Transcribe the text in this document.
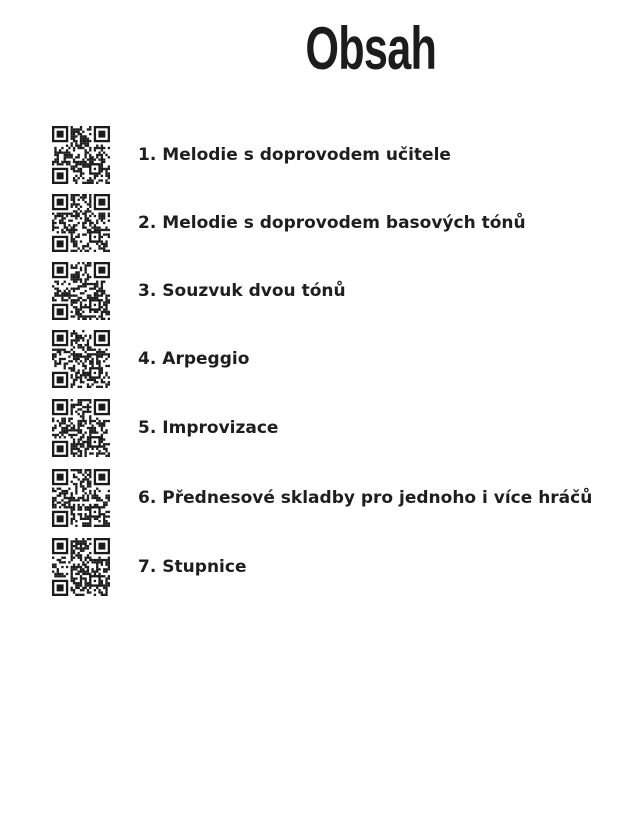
Obsah
1. Melodie s doprovodem učitele
2. Melodie s doprovodem basových tónů
3. Souzvuk dvou tónů
4. Arpeggio
5. Improvizace
6. Přednesové skladby pro jednoho i více hráčů
7. Stupnice
